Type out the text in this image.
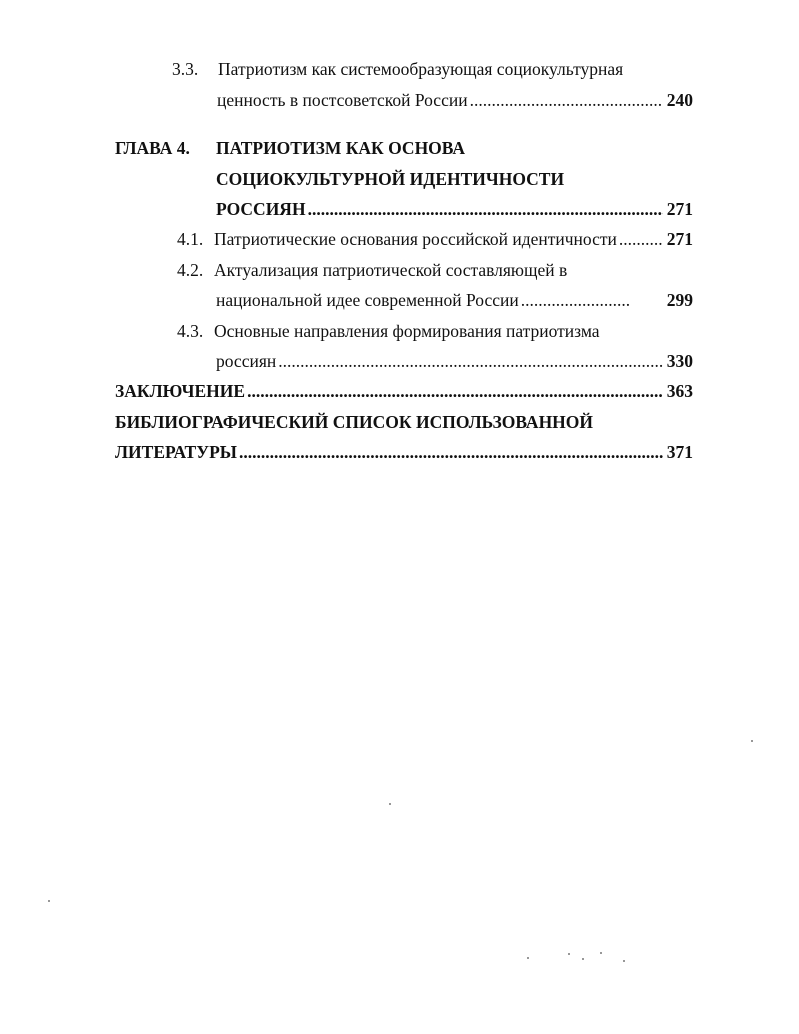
3.3. Патриотизм как системообразующая социокультурная
ценность в постсоветской России .....	240
ГЛАВА 4. ПАТРИОТИЗМ КАК ОСНОВА
СОЦИОКУЛЬТУРНОЙ ИДЕНТИЧНОСТИ
РОССИЯН .....	271
4.1. Патриотические основания российской идентичности .....	271
4.2. Актуализация патриотической составляющей в
национальной идее современной России .....	299
4.3. Основные направления формирования патриотизма
россиян .....	330
ЗАКЛЮЧЕНИЕ .....	363
БИБЛИОГРАФИЧЕСКИЙ СПИСОК ИСПОЛЬЗОВАННОЙ
ЛИТЕРАТУРЫ .....	371
